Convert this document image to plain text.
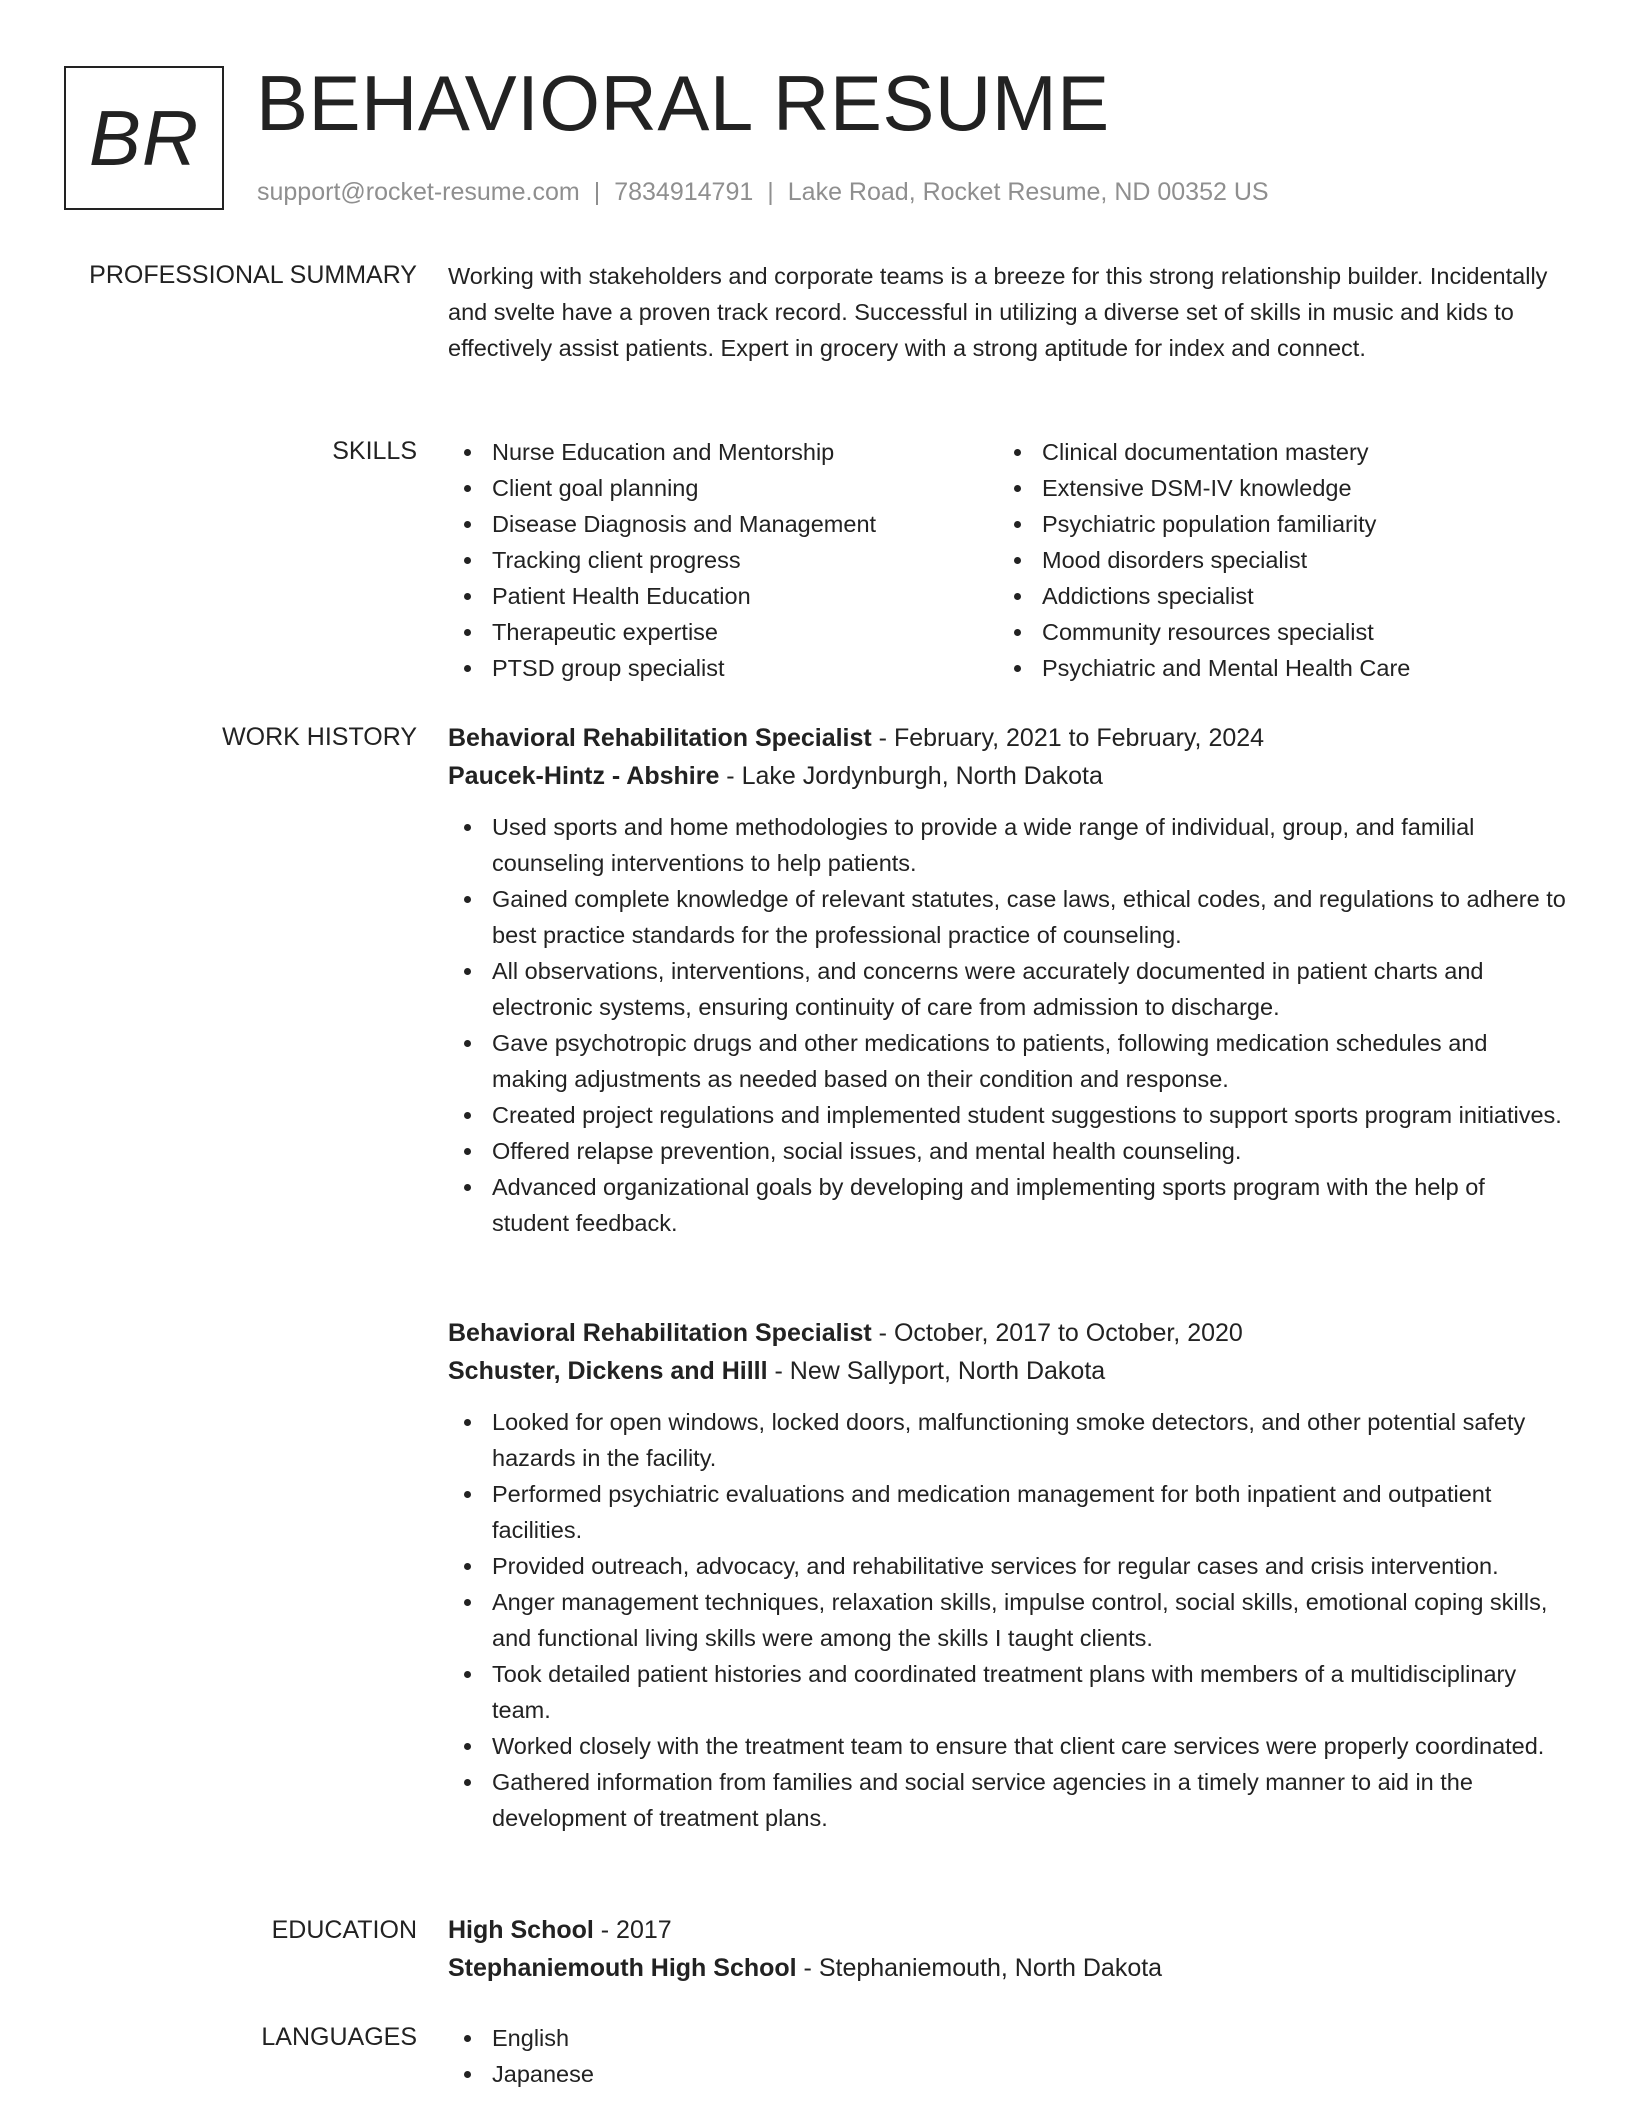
BR BEHAVIORAL RESUME
support@rocket-resume.com | 7834914791 | Lake Road, Rocket Resume, ND 00352 US
PROFESSIONAL SUMMARY Working with stakeholders and corporate teams is a breeze for this strong relationship builder. Incidentally and svelte have a proven track record. Successful in utilizing a diverse set of skills in music and kids to effectively assist patients. Expert in grocery with a strong aptitude for index and connect.
SKILLS	Nurse Education and Mentorship
Client goal planning
Disease Diagnosis and Management
Tracking client progress
Patient Health Education
Therapeutic expertise
PTSD group specialist
Clinical documentation mastery
Extensive DSM-IV knowledge
Psychiatric population familiarity
Mood disorders specialist
Addictions specialist
Community resources specialist
Psychiatric and Mental Health Care
WORK HISTORY Behavioral Rehabilitation Specialist - February, 2021 to February, 2024
Paucek-Hintz - Abshire - Lake Jordynburgh, North Dakota
Used sports and home methodologies to provide a wide range of individual, group, and familial counseling interventions to help patients.
Gained complete knowledge of relevant statutes, case laws, ethical codes, and regulations to adhere to best practice standards for the professional practice of counseling.
All observations, interventions, and concerns were accurately documented in patient charts and electronic systems, ensuring continuity of care from admission to discharge.
Gave psychotropic drugs and other medications to patients, following medication schedules and making adjustments as needed based on their condition and response.
Created project regulations and implemented student suggestions to support sports program initiatives.
Offered relapse prevention, social issues, and mental health counseling.
Advanced organizational goals by developing and implementing sports program with the help of student feedback.
Behavioral Rehabilitation Specialist - October, 2017 to October, 2020
Schuster, Dickens and Hilll - New Sallyport, North Dakota
Looked for open windows, locked doors, malfunctioning smoke detectors, and other potential safety hazards in the facility.
Performed psychiatric evaluations and medication management for both inpatient and outpatient facilities.
Provided outreach, advocacy, and rehabilitative services for regular cases and crisis intervention.
Anger management techniques, relaxation skills, impulse control, social skills, emotional coping skills, and functional living skills were among the skills I taught clients.
Took detailed patient histories and coordinated treatment plans with members of a multidisciplinary team.
Worked closely with the treatment team to ensure that client care services were properly coordinated.
Gathered information from families and social service agencies in a timely manner to aid in the development of treatment plans.
EDUCATION High School - 2017
Stephaniemouth High School - Stephaniemouth, North Dakota
LANGUAGES	English
Japanese
